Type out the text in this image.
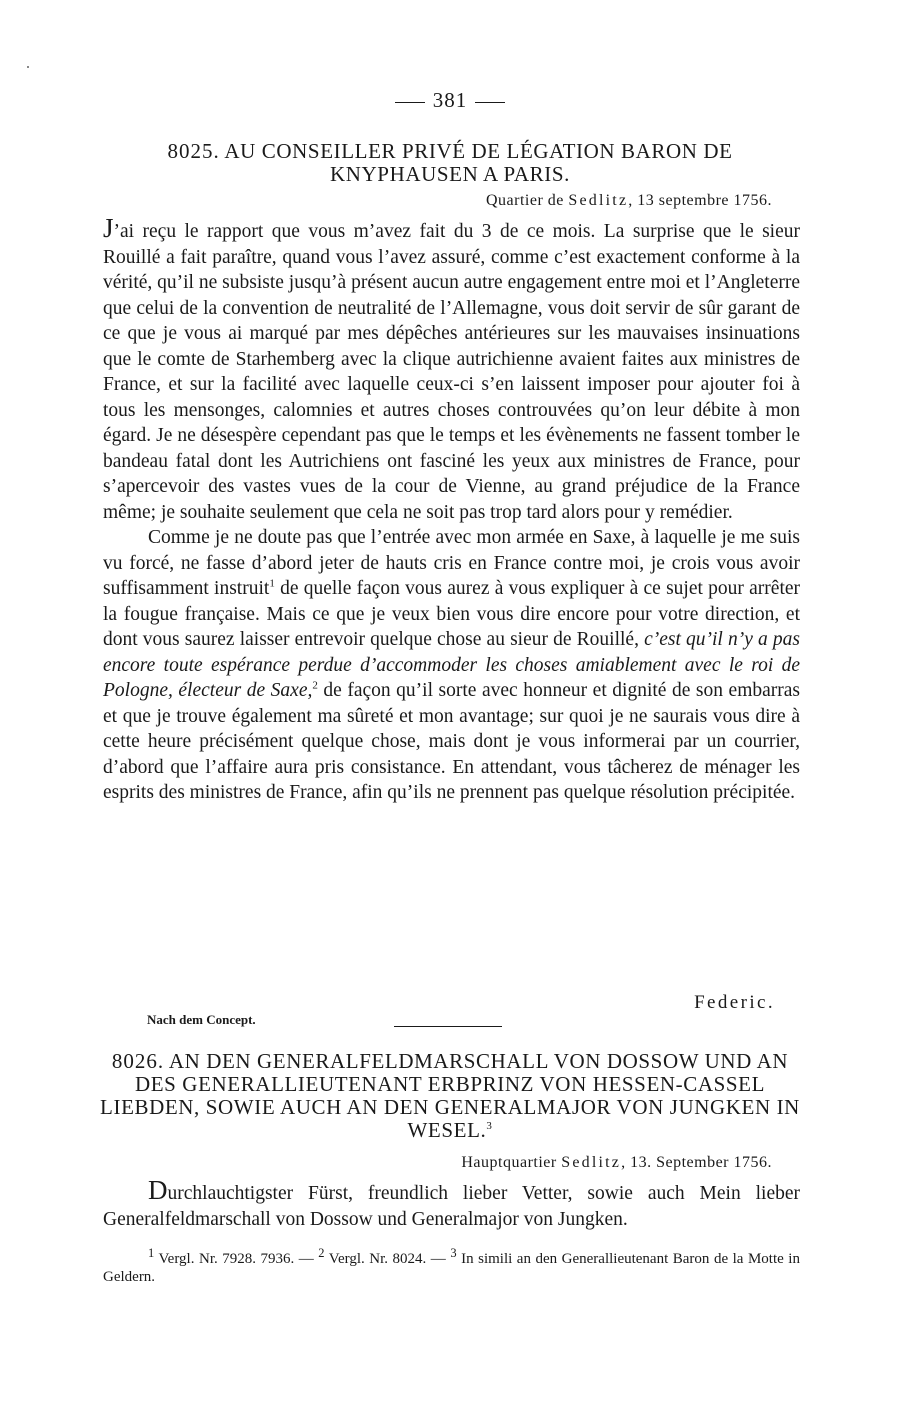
381
8025. AU CONSEILLER PRIVÉ DE LÉGATION BARON DE KNYPHAUSEN A PARIS.
Quartier de Sedlitz, 13 septembre 1756.

J’ai reçu le rapport que vous m’avez fait du 3 de ce mois. La surprise que le sieur Rouillé a fait paraître, quand vous l’avez assuré, comme c’est exactement conforme à la vérité, qu’il ne subsiste jusqu’à présent aucun autre engagement entre moi et l’Angleterre que celui de la convention de neutralité de l’Allemagne, vous doit servir de sûr garant de ce que je vous ai marqué par mes dépêches antérieures sur les mauvaises insinuations que le comte de Starhemberg avec la clique autrichienne avaient faites aux ministres de France, et sur la facilité avec laquelle ceux-ci s’en laissent imposer pour ajouter foi à tous les mensonges, calomnies et autres choses controuvées qu’on leur débite à mon égard. Je ne désespère cependant pas que le temps et les évènements ne fassent tomber le bandeau fatal dont les Autrichiens ont fasciné les yeux aux ministres de France, pour s’apercevoir des vastes vues de la cour de Vienne, au grand préjudice de la France même; je souhaite seulement que cela ne soit pas trop tard alors pour y remédier.

Comme je ne doute pas que l’entrée avec mon armée en Saxe, à laquelle je me suis vu forcé, ne fasse d’abord jeter de hauts cris en France contre moi, je crois vous avoir suffisamment instruit$^1$ de quelle façon vous aurez à vous expliquer à ce sujet pour arrêter la fougue française. Mais ce que je veux bien vous dire encore pour votre direction, et dont vous saurez laisser entrevoir quelque chose au sieur de Rouillé, c’est qu’il n’y a pas encore toute espérance perdue d’accommoder les choses amiablement avec le roi de Pologne, électeur de Saxe,$^2$ de façon qu’il sorte avec honneur et dignité de son embarras et que je trouve également ma sûreté et mon avantage; sur quoi je ne saurais vous dire à cette heure précisément quelque chose, mais dont je vous informerai par un courrier, d’abord que l’affaire aura pris consistance. En attendant, vous tâcherez de ménager les esprits des ministres de France, afin qu’ils ne prennent pas quelque résolution précipitée.

Federic.
Nach dem Concept.
8026. AN DEN GENERALFELDMARSCHALL VON DOSSOW UND AN DES GENERALLIEUTENANT ERBPRINZ VON HESSEN-CASSEL LIEBDEN, SOWIE AUCH AN DEN GENERALMAJOR VON JUNGKEN IN WESEL.$^3$
Hauptquartier Sedlitz, 13. September 1756.

Durchlauchtigster Fürst, freundlich lieber Vetter, sowie auch Mein lieber Generalfeldmarschall von Dossow und Generalmajor von Jungken.

$^1$ Vergl. Nr. 7928. 7936. — $^2$ Vergl. Nr. 8024. — $^3$ In simili an den Generallieutenant Baron de la Motte in Geldern.
